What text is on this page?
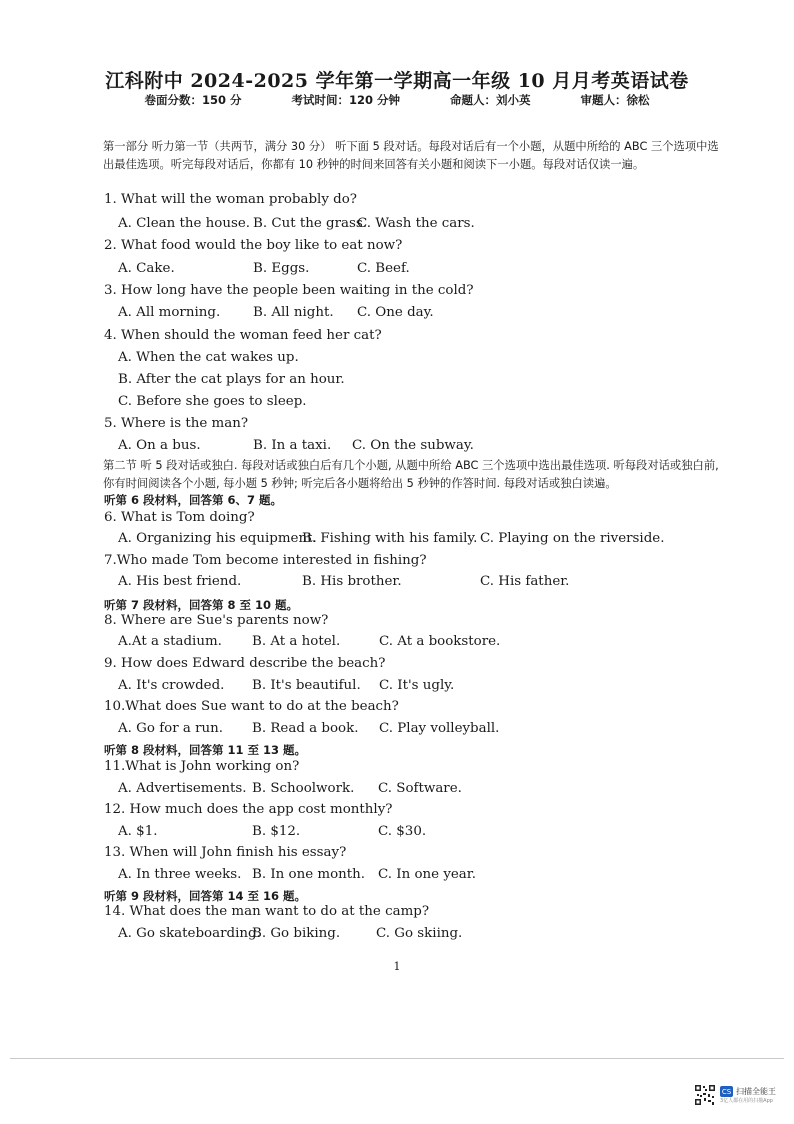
江科附中 2024-2025 学年第一学期高一年级 10 月月考英语试卷
卷面分数：150 分	考试时间：120 分钟	命题人：刘小英	审题人：徐松
第一部分 听力第一节（共两节，满分 30 分） 听下面 5 段对话。每段对话后有一个小题，从题中所给的 ABC 三个选项中选出最佳选项。听完每段对话后，你都有 10 秒钟的时间来回答有关小题和阅读下一小题。每段对话仅读一遍。
1. What will the woman probably do?
A. Clean the house. B. Cut the grass.
C. Wash the cars.
2. What food would the boy like to eat now?
A. Cake.	B. Eggs.	C. Beef.
3. How long have the people been waiting in the cold?
A. All morning. B. All night. C. One day.
4. When should the woman feed her cat?
A. When the cat wakes up.
B. After the cat plays for an hour.
C. Before she goes to sleep.
5. Where is the man?
A. On a bus.	B. In a taxi. C. On the subway.
第二节 听 5 段对话或独白. 每段对话或独白后有几个小题, 从题中所给 ABC 三个选项中选出最佳选项. 听每段对话或独白前, 你有时间阅读各个小题, 每小题 5 秒钟; 听完后各小题将给出 5 秒钟的作答时间. 每段对话或独白读遍。
听第 6 段材料，回答第 6、7 题。
6. What is Tom doing?
A. Organizing his equipment.
B. Fishing with his family. C. Playing on the riverside.
7.Who made Tom become interested in fishing?
A. His best friend.	B. His brother.	C. His father.
听第 7 段材料，回答第 8 至 10 题。
8. Where are Sue's parents now?
A.At a stadium. B. At a hotel.	C. At a bookstore.
9. How does Edward describe the beach?
A. It's crowded. B. It's beautiful. C. It's ugly.
10.What does Sue want to do at the beach?
A. Go for a run. B. Read a book. C. Play volleyball.
听第 8 段材料，回答第 11 至 13 题。
11.What is John working on?
A. Advertisements. B. Schoolwork. C. Software.
12. How much does the app cost monthly?
A. $1.	B. $12.	C. $30.
13. When will John finish his essay?
A. In three weeks. B. In one month. C. In one year.
听第 9 段材料，回答第 14 至 16 题。
14. What does the man want to do at the camp?
A. Go skateboarding.
B. Go biking.	C. Go skiing.
1
CS 扫描全能王
3亿人都在用的扫描App
